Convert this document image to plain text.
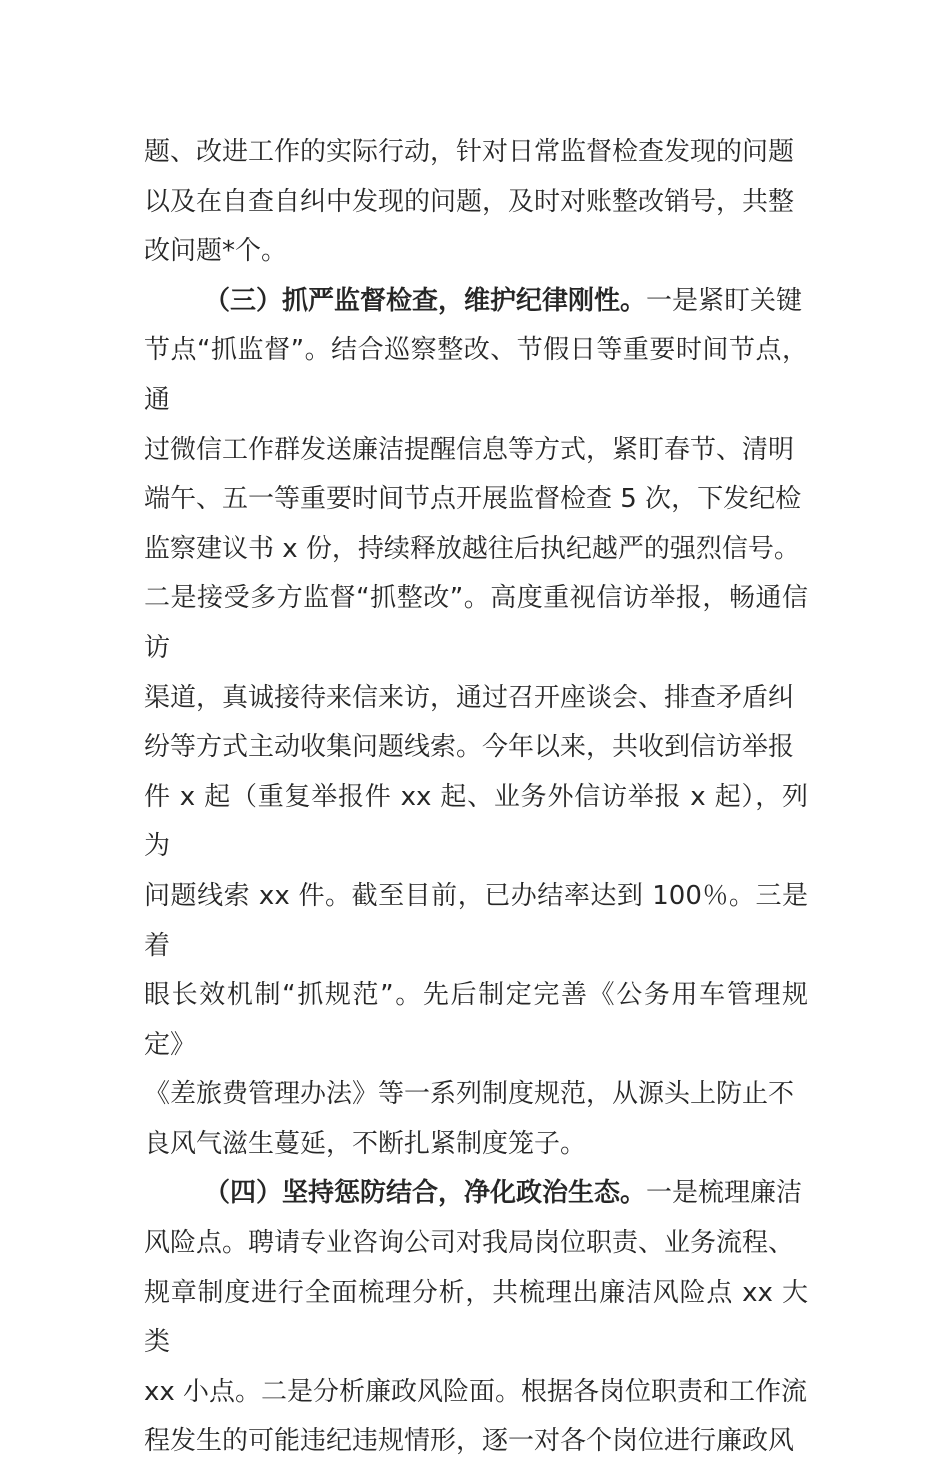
题、改进工作的实际行动，针对日常监督检查发现的问题
以及在自查自纠中发现的问题，及时对账整改销号，共整
改问题*个。

（三）抓严监督检查，维护纪律刚性。一是紧盯关键
节点“抓监督”。结合巡察整改、节假日等重要时间节点，通
过微信工作群发送廉洁提醒信息等方式，紧盯春节、清明
端午、五一等重要时间节点开展监督检查 5 次，下发纪检
监察建议书 x 份，持续释放越往后执纪越严的强烈信号。
二是接受多方监督“抓整改”。高度重视信访举报，畅通信访
渠道，真诚接待来信来访，通过召开座谈会、排查矛盾纠
纷等方式主动收集问题线索。今年以来，共收到信访举报
件 x 起（重复举报件 xx 起、业务外信访举报 x 起），列为
问题线索 xx 件。截至目前，已办结率达到 100％。三是着
眼长效机制“抓规范”。先后制定完善《公务用车管理规定》
《差旅费管理办法》等一系列制度规范，从源头上防止不
良风气滋生蔓延，不断扎紧制度笼子。

（四）坚持惩防结合，净化政治生态。一是梳理廉洁
风险点。聘请专业咨询公司对我局岗位职责、业务流程、
规章制度进行全面梳理分析，共梳理出廉洁风险点 xx 大类
xx 小点。二是分析廉政风险面。根据各岗位职责和工作流
程发生的可能违纪违规情形，逐一对各个岗位进行廉政风
